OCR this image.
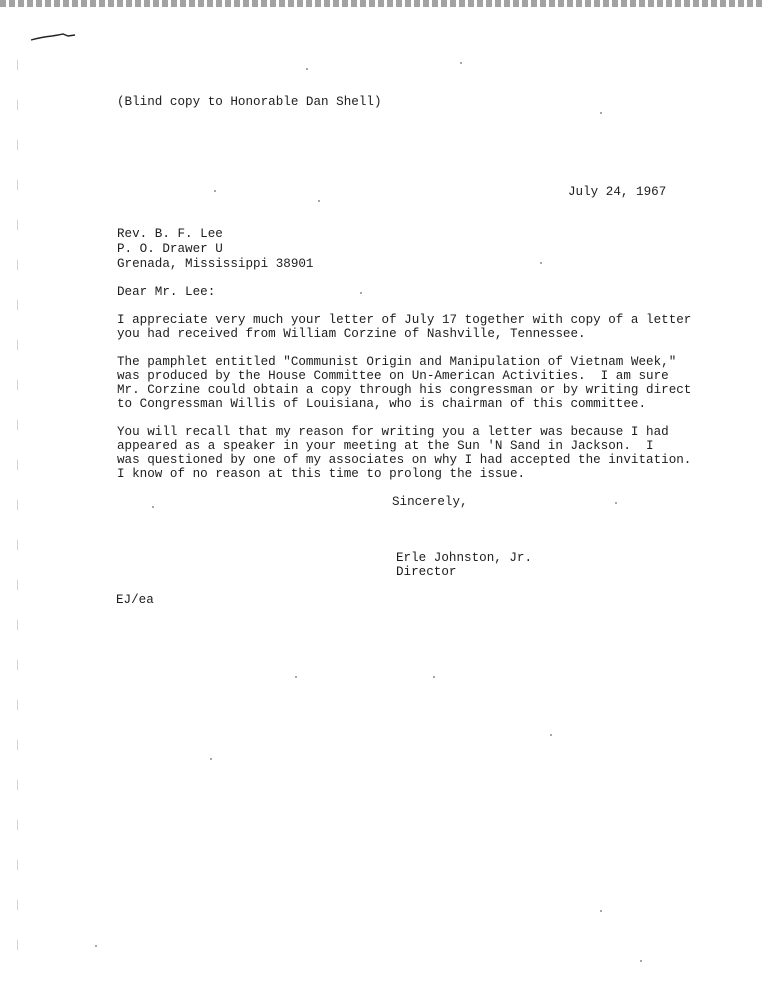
(Blind copy to Honorable Dan Shell)
July 24, 1967
Rev. B. F. Lee
P. O. Drawer U
Grenada, Mississippi 38901
Dear Mr. Lee:
I appreciate very much your letter of July 17 together with copy of a letter
you had received from William Corzine of Nashville, Tennessee.
The pamphlet entitled "Communist Origin and Manipulation of Vietnam Week,"
was produced by the House Committee on Un-American Activities.  I am sure
Mr. Corzine could obtain a copy through his congressman or by writing direct
to Congressman Willis of Louisiana, who is chairman of this committee.
You will recall that my reason for writing you a letter was because I had
appeared as a speaker in your meeting at the Sun 'N Sand in Jackson.  I
was questioned by one of my associates on why I had accepted the invitation.
I know of no reason at this time to prolong the issue.
Sincerely,
Erle Johnston, Jr.
Director
EJ/ea
